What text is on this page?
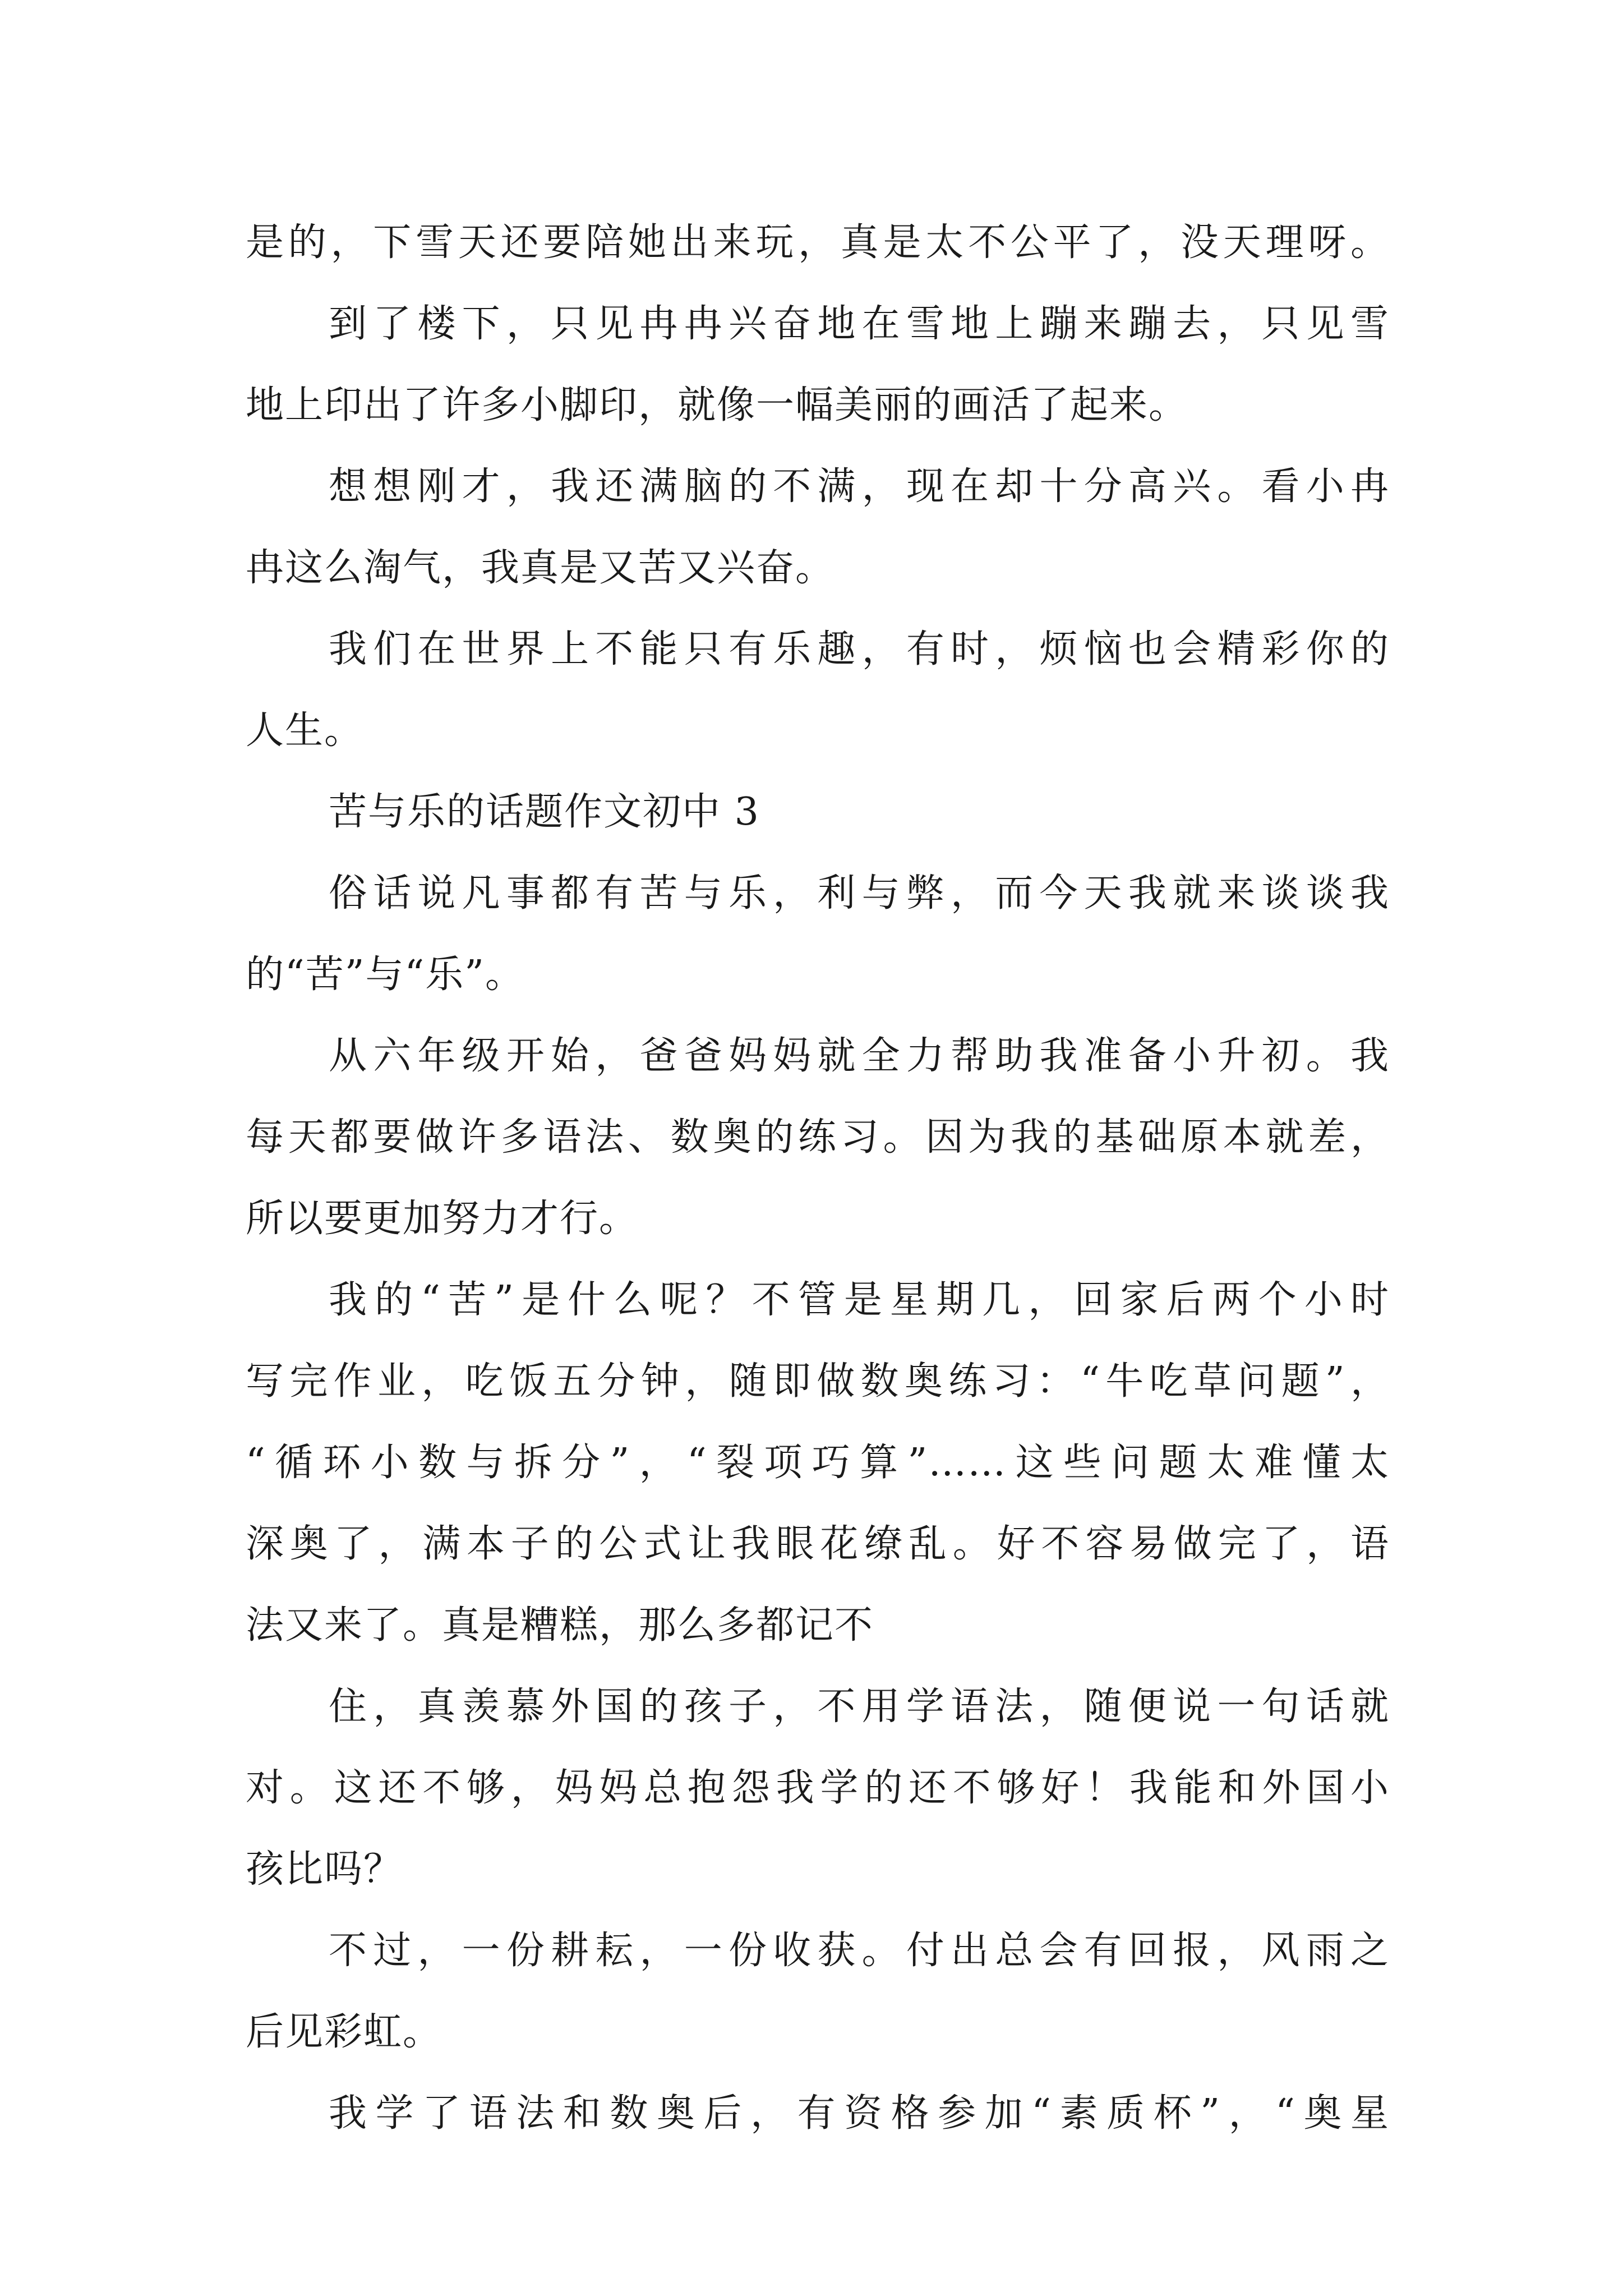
是的，下雪天还要陪她出来玩，真是太不公平了，没天理呀。
到了楼下，只见冉冉兴奋地在雪地上蹦来蹦去，只见雪
地上印出了许多小脚印，就像一幅美丽的画活了起来。
想想刚才，我还满脑的不满，现在却十分高兴。看小冉
冉这么淘气，我真是又苦又兴奋。
我们在世界上不能只有乐趣，有时，烦恼也会精彩你的
人生。
苦与乐的话题作文初中 3
俗话说凡事都有苦与乐，利与弊，而今天我就来谈谈我
的“苦”与“乐”。
从六年级开始，爸爸妈妈就全力帮助我准备小升初。我
每天都要做许多语法、数奥的练习。因为我的基础原本就差，
所以要更加努力才行。
我的“苦”是什么呢？不管是星期几，回家后两个小时
写完作业，吃饭五分钟，随即做数奥练习：“牛吃草问题”，
“循环小数与拆分”，“裂项巧算”……这些问题太难懂太
深奥了，满本子的公式让我眼花缭乱。好不容易做完了，语
法又来了。真是糟糕，那么多都记不
住，真羡慕外国的孩子，不用学语法，随便说一句话就
对。这还不够，妈妈总抱怨我学的还不够好！我能和外国小
孩比吗？
不过，一份耕耘，一份收获。付出总会有回报，风雨之
后见彩虹。
我学了语法和数奥后，有资格参加“素质杯”，“奥星
